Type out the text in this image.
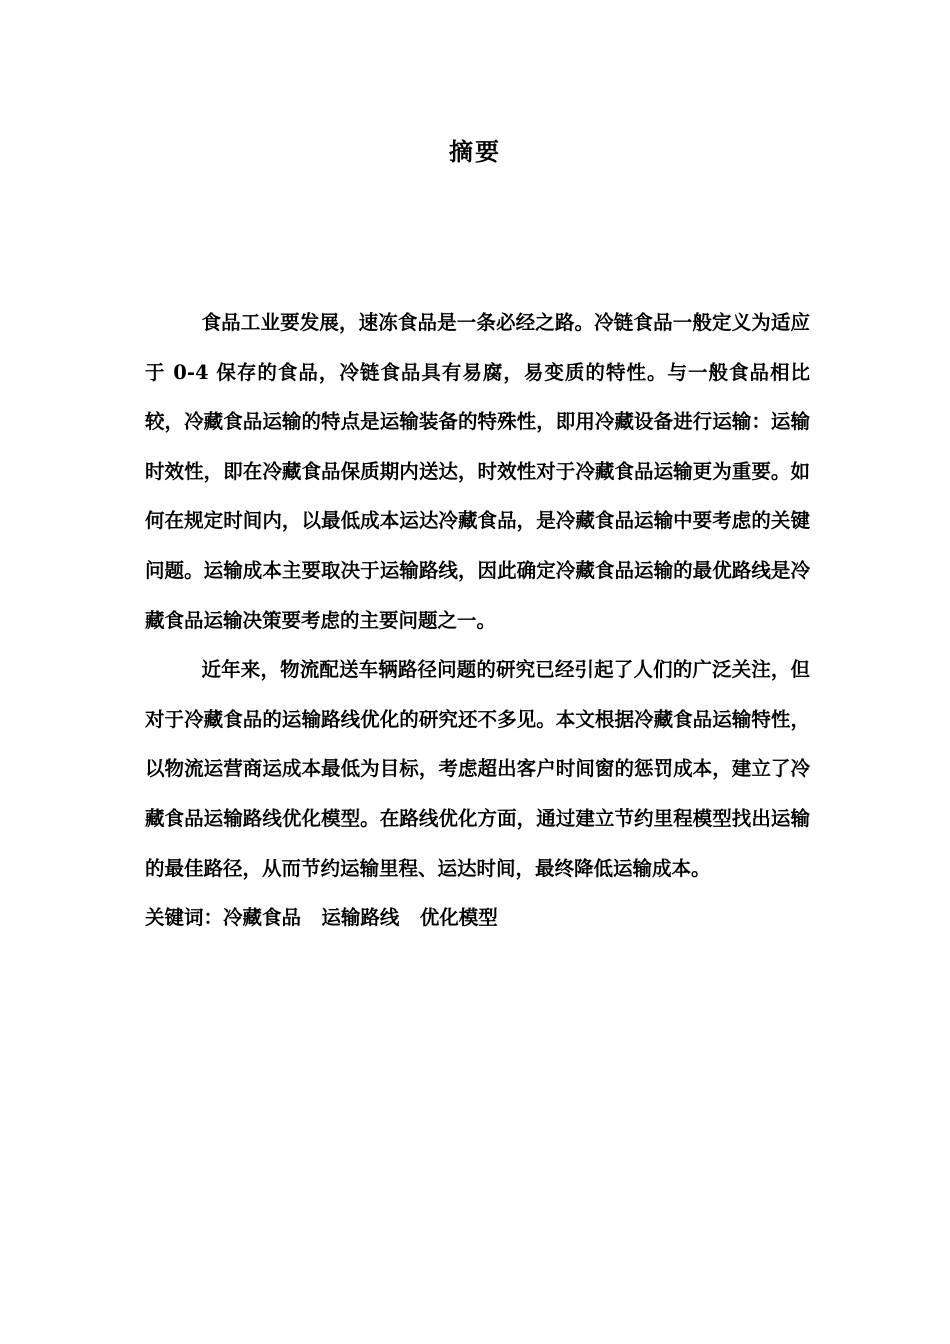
摘要

食品工业要发展，速冻食品是一条必经之路。冷链食品一般定义为适应于 0-4 保存的食品，冷链食品具有易腐，易变质的特性。与一般食品相比较，冷藏食品运输的特点是运输装备的特殊性，即用冷藏设备进行运输：运输时效性，即在冷藏食品保质期内送达，时效性对于冷藏食品运输更为重要。如何在规定时间内，以最低成本运达冷藏食品，是冷藏食品运输中要考虑的关键问题。运输成本主要取决于运输路线，因此确定冷藏食品运输的最优路线是冷藏食品运输决策要考虑的主要问题之一。

近年来，物流配送车辆路径问题的研究已经引起了人们的广泛关注，但对于冷藏食品的运输路线优化的研究还不多见。本文根据冷藏食品运输特性，以物流运营商运成本最低为目标，考虑超出客户时间窗的惩罚成本，建立了冷藏食品运输路线优化模型。在路线优化方面，通过建立节约里程模型找出运输的最佳路径，从而节约运输里程、运达时间，最终降低运输成本。

关键词：冷藏食品   运输路线   优化模型
